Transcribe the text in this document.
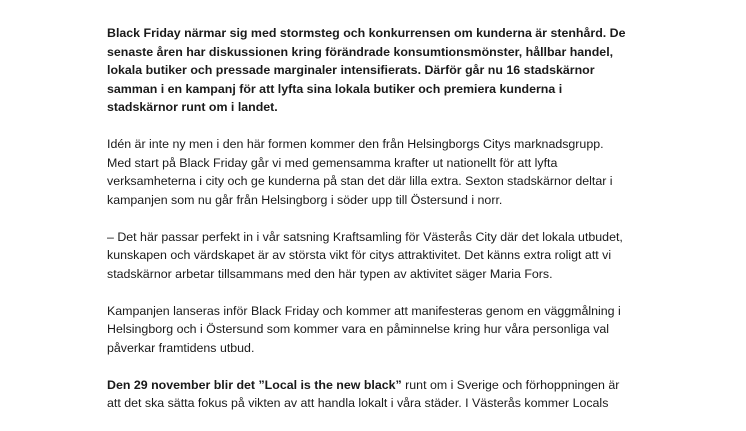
Black Friday närmar sig med stormsteg och konkurrensen om kunderna är stenhård. De senaste åren har diskussionen kring förändrade konsumtionsmönster, hållbar handel, lokala butiker och pressade marginaler intensifierats. Därför går nu 16 stadskärnor samman i en kampanj för att lyfta sina lokala butiker och premiera kunderna i stadskärnor runt om i landet.

Idén är inte ny men i den här formen kommer den från Helsingborgs Citys marknadsgrupp. Med start på Black Friday går vi med gemensamma krafter ut nationellt för att lyfta verksamheterna i city och ge kunderna på stan det där lilla extra. Sexton stadskärnor deltar i kampanjen som nu går från Helsingborg i söder upp till Östersund i norr.

– Det här passar perfekt in i vår satsning Kraftsamling för Västerås City där det lokala utbudet, kunskapen och värdskapet är av största vikt för citys attraktivitet. Det känns extra roligt att vi stadskärnor arbetar tillsammans med den här typen av aktivitet säger Maria Fors.

Kampanjen lanseras inför Black Friday och kommer att manifesteras genom en väggmålning i Helsingborg och i Östersund som kommer vara en påminnelse kring hur våra personliga val påverkar framtidens utbud.

Den 29 november blir det ”Local is the new black” runt om i Sverige och förhoppningen är att det ska sätta fokus på vikten av att handla lokalt i våra städer. I Västerås kommer Locals
